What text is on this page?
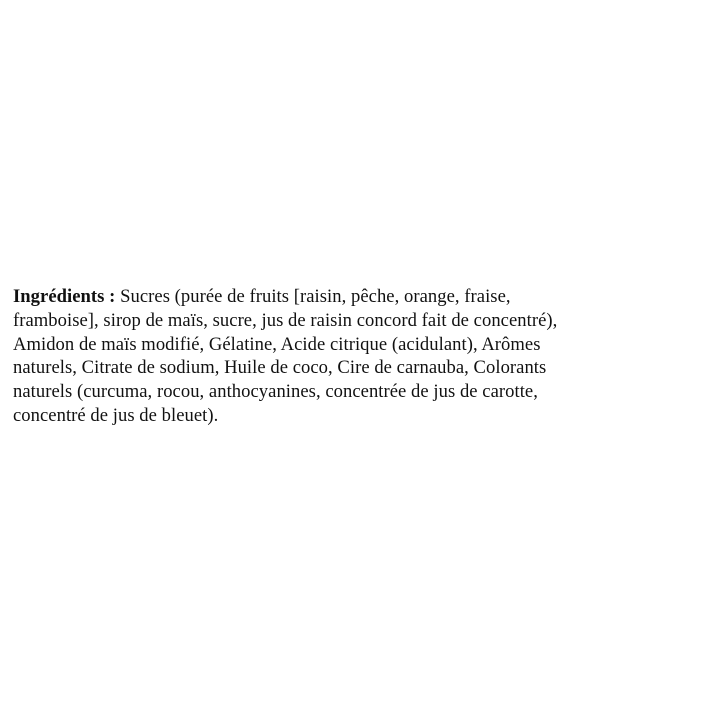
Ingrédients : Sucres (purée de fruits [raisin, pêche, orange, fraise,
framboise], sirop de maïs, sucre, jus de raisin concord fait de concentré),
Amidon de maïs modifié, Gélatine, Acide citrique (acidulant), Arômes
naturels, Citrate de sodium, Huile de coco, Cire de carnauba, Colorants
naturels (curcuma, rocou, anthocyanines, concentrée de jus de carotte,
concentré de jus de bleuet).
